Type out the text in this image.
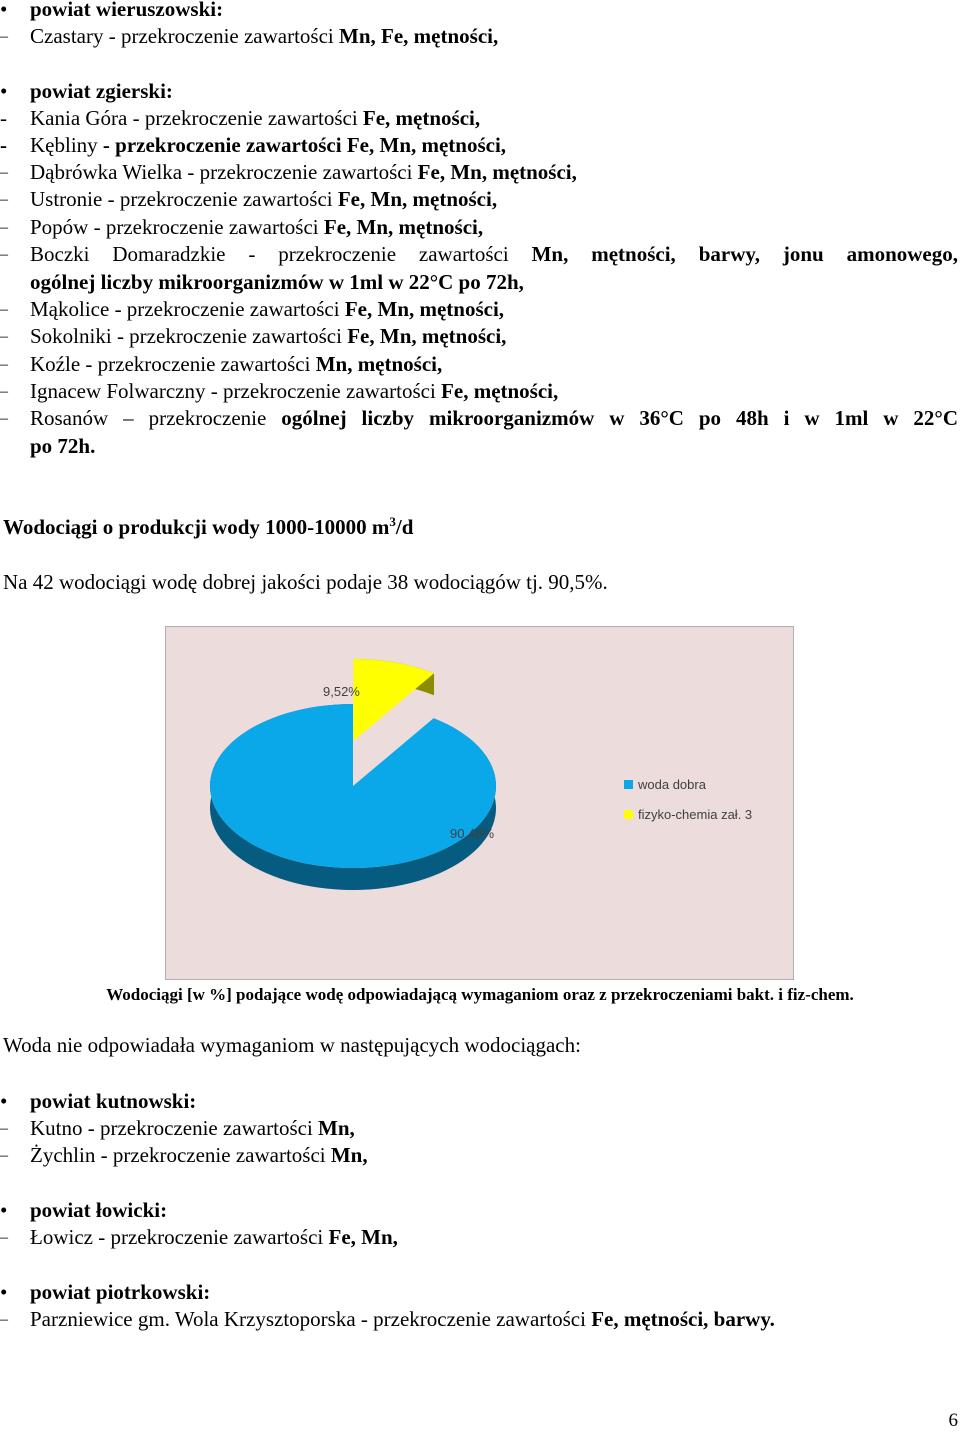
•	powiat wieruszowski:
– Czastary - przekroczenie zawartości Mn, Fe, mętności,
•	powiat zgierski:
- Kania Góra - przekroczenie zawartości Fe, mętności,
- Kębliny - przekroczenie zawartości Fe, Mn, mętności,
– Dąbrówka Wielka - przekroczenie zawartości Fe, Mn, mętności,
– Ustronie - przekroczenie zawartości Fe, Mn, mętności,
– Popów - przekroczenie zawartości Fe, Mn, mętności,
– Boczki Domaradzkie - przekroczenie zawartości Mn, mętności, barwy, jonu amonowego,
ogólnej liczby mikroorganizmów w 1ml w 22°C po 72h,
– Mąkolice - przekroczenie zawartości Fe, Mn, mętności,
– Sokolniki - przekroczenie zawartości Fe, Mn, mętności,
– Koźle - przekroczenie zawartości Mn, mętności,
– Ignacew Folwarczny - przekroczenie zawartości Fe, mętności,
– Rosanów – przekroczenie ogólnej liczby mikroorganizmów w 36°C po 48h i w 1ml w 22°C
po 72h.
Wodociągi o produkcji wody 1000-10000 $m^3/d$
Na 42 wodociągi wodę dobrej jakości podaje 38 wodociągów tj. 90,5%.
90,48%
9,52%
woda dobra
fizyko-chemia zał. 3
Wodociągi [w %] podające wodę odpowiadającą wymaganiom oraz z przekroczeniami bakt. i fiz-chem.
Woda nie odpowiadała wymaganiom w następujących wodociągach:
•	powiat kutnowski:
– Kutno - przekroczenie zawartości Mn,
– Żychlin - przekroczenie zawartości Mn,
•	powiat łowicki:
– Łowicz - przekroczenie zawartości Fe, Mn,
•	powiat piotrkowski:
– Parzniewice gm. Wola Krzysztoporska - przekroczenie zawartości Fe, mętności, barwy.
6
